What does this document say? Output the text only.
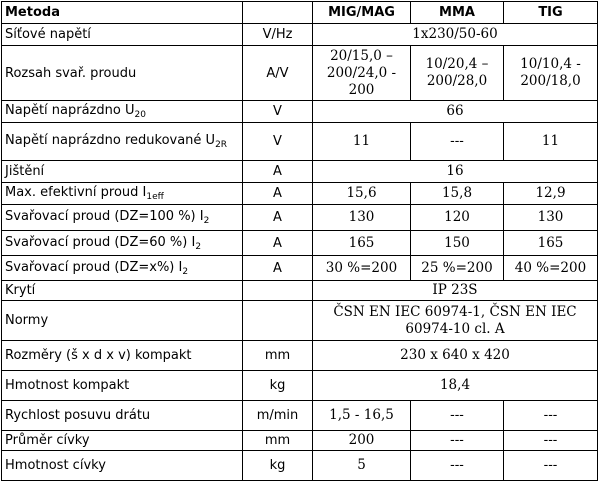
Metoda		MIG/MAG	MMA	TIG
Síťové napětí	V/Hz	1x230/50-60		
Rozsah svař. proudu	A/V	20/15,0 – 200/24,0 - 200	10/20,4 – 200/28,0	10/10,4 - 200/18,0
Napětí naprázdno $U_{20}$	V	66		
Napětí naprázdno redukované $U_{2R}$	V	11	---	11
Jištění	A	16		
Max. efektivní proud $I_{1eff}$	A	15,6	15,8	12,9
Svařovací proud (DZ=100 %) $I_2$	A	130	120	130
Svařovací proud (DZ=60 %) $I_2$	A	165	150	165
Svařovací proud (DZ=x%) $I_2$	A	30 %=200	25 %=200	40 %=200
Krytí		IP 23S		
Normy		ČSN EN IEC 60974-1, ČSN EN IEC 60974-10 cl. A		
Rozměry (š x d x v) kompakt	mm	230 x 640 x 420		
Hmotnost kompakt	kg	18,4		
Rychlost posuvu drátu	m/min	1,5 - 16,5	---	---
Průměr cívky	mm	200	---	---
Hmotnost cívky	kg	5	---	---
